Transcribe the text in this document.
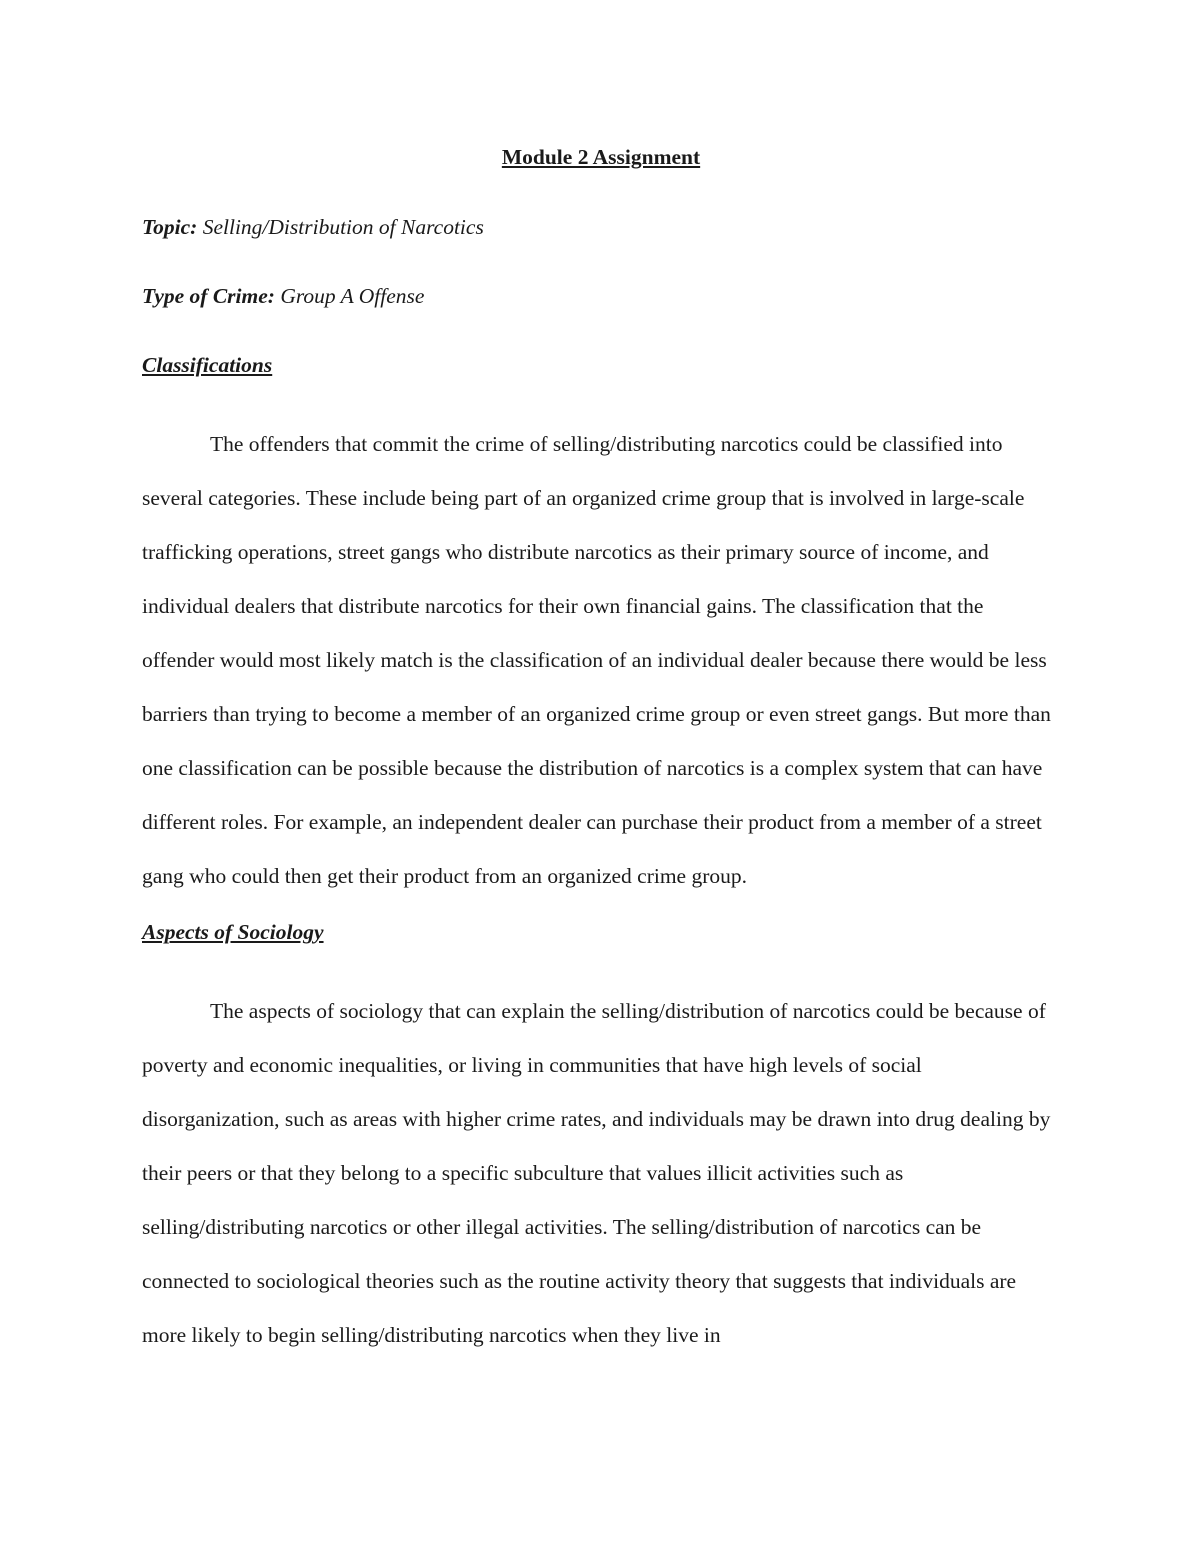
Module 2 Assignment

Topic: Selling/Distribution of Narcotics

Type of Crime: Group A Offense

Classifications

The offenders that commit the crime of selling/distributing narcotics could be classified into several categories. These include being part of an organized crime group that is involved in large-scale trafficking operations, street gangs who distribute narcotics as their primary source of income, and individual dealers that distribute narcotics for their own financial gains. The classification that the offender would most likely match is the classification of an individual dealer because there would be less barriers than trying to become a member of an organized crime group or even street gangs. But more than one classification can be possible because the distribution of narcotics is a complex system that can have different roles. For example, an independent dealer can purchase their product from a member of a street gang who could then get their product from an organized crime group.

Aspects of Sociology

The aspects of sociology that can explain the selling/distribution of narcotics could be because of poverty and economic inequalities, or living in communities that have high levels of social disorganization, such as areas with higher crime rates, and individuals may be drawn into drug dealing by their peers or that they belong to a specific subculture that values illicit activities such as selling/distributing narcotics or other illegal activities. The selling/distribution of narcotics can be connected to sociological theories such as the routine activity theory that suggests that individuals are more likely to begin selling/distributing narcotics when they live in
